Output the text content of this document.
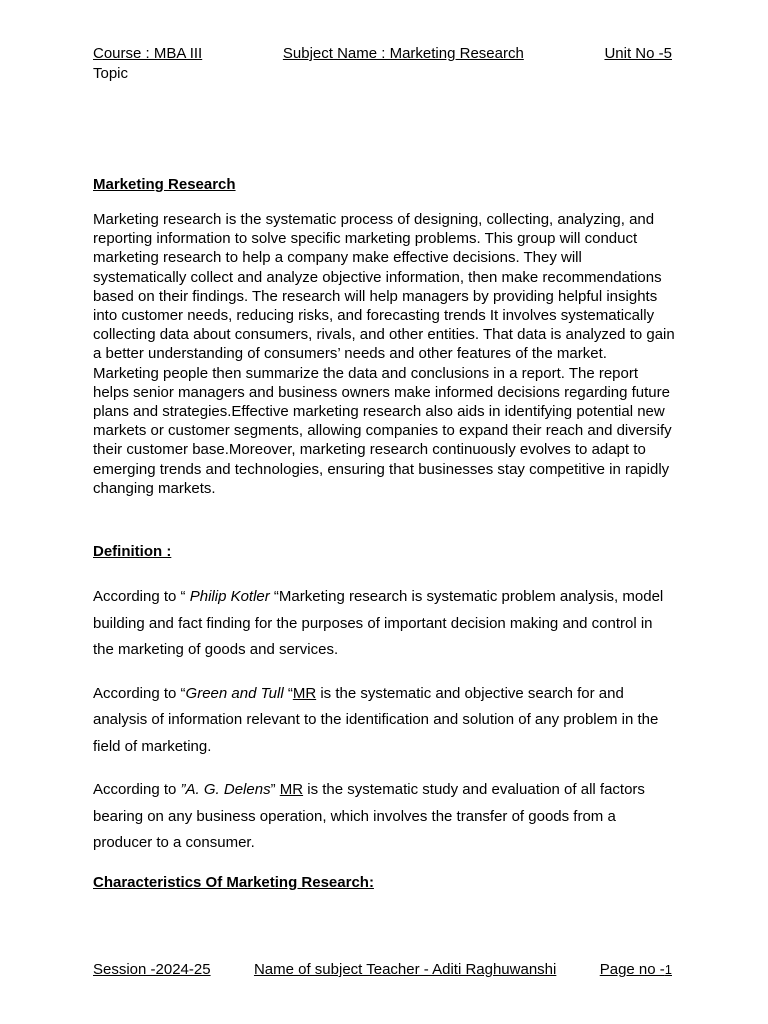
Course : MBA III	Subject Name : Marketing Research	Unit No -5
Topic

Marketing Research

Marketing research is the systematic process of designing, collecting, analyzing, and reporting information to solve specific marketing problems. This group will conduct marketing research to help a company make effective decisions. They will systematically collect and analyze objective information, then make recommendations based on their findings. The research will help managers by providing helpful insights into customer needs, reducing risks, and forecasting trends It involves systematically collecting data about consumers, rivals, and other entities. That data is analyzed to gain a better understanding of consumers’ needs and other features of the market. Marketing people then summarize the data and conclusions in a report. The report helps senior managers and business owners make informed decisions regarding future plans and strategies.Effective marketing research also aids in identifying potential new markets or customer segments, allowing companies to expand their reach and diversify their customer base.Moreover, marketing research continuously evolves to adapt to emerging trends and technologies, ensuring that businesses stay competitive in rapidly changing markets.

Definition :

According to “ Philip Kotler “Marketing research is systematic problem analysis, model building and fact finding for the purposes of important decision making and control in the marketing of goods and services.

According to “Green and Tull “MR is the systematic and objective search for and analysis of information relevant to the identification and solution of any problem in the field of marketing.

According to ”A. G. Delens” MR is the systematic study and evaluation of all factors bearing on any business operation, which involves the transfer of goods from a producer to a consumer.

Characteristics Of Marketing Research:

Session -2024-25	Name of subject Teacher - Aditi Raghuwanshi	Page no -1
